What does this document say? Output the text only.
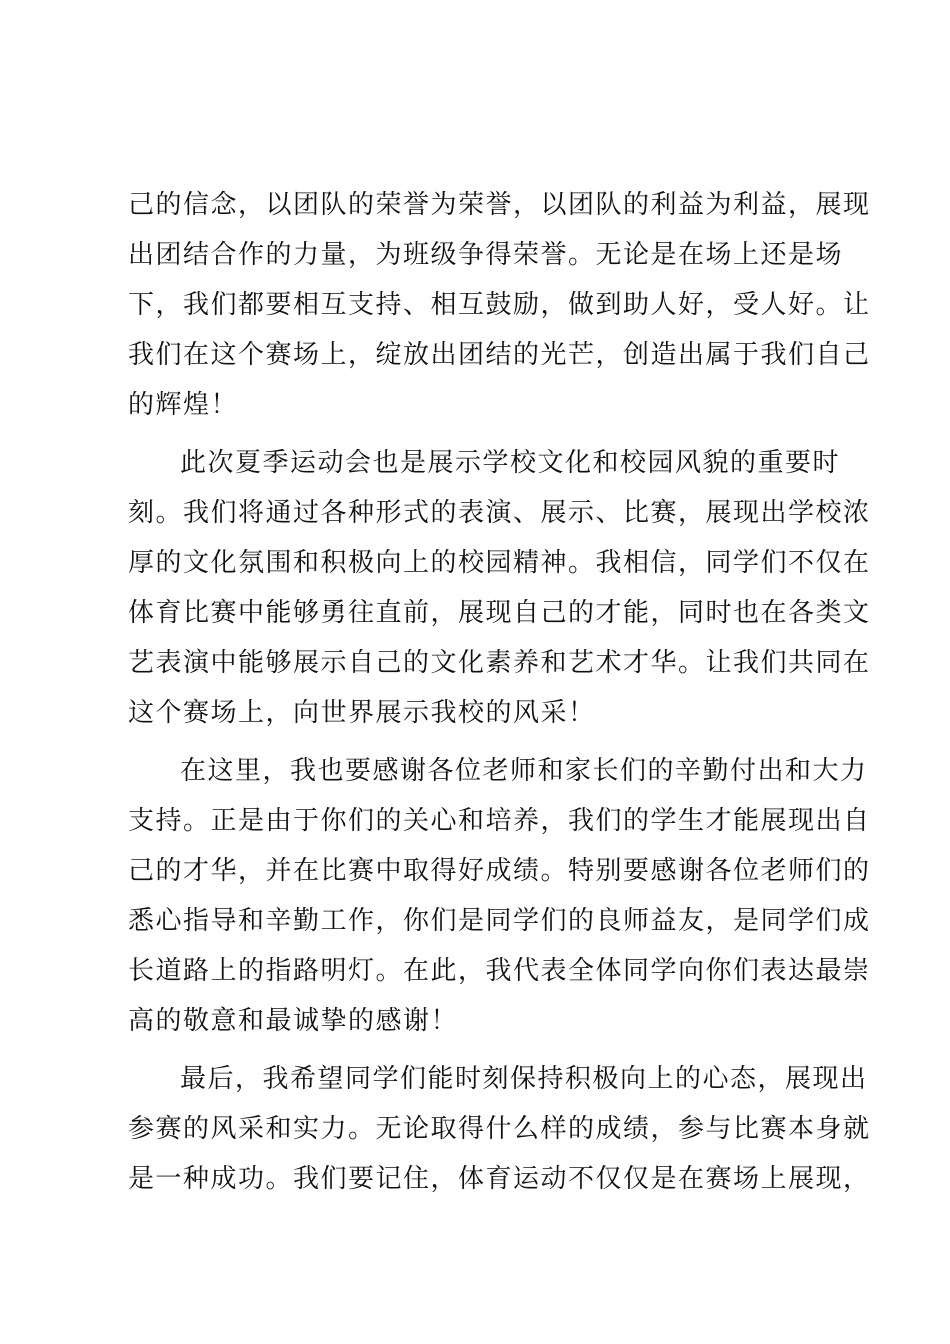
己的信念，以团队的荣誉为荣誉，以团队的利益为利益，展现
出团结合作的力量，为班级争得荣誉。无论是在场上还是场
下，我们都要相互支持、相互鼓励，做到助人好，受人好。让
我们在这个赛场上，绽放出团结的光芒，创造出属于我们自己
的辉煌！
此次夏季运动会也是展示学校文化和校园风貌的重要时
刻。我们将通过各种形式的表演、展示、比赛，展现出学校浓
厚的文化氛围和积极向上的校园精神。我相信，同学们不仅在
体育比赛中能够勇往直前，展现自己的才能，同时也在各类文
艺表演中能够展示自己的文化素养和艺术才华。让我们共同在
这个赛场上，向世界展示我校的风采！
在这里，我也要感谢各位老师和家长们的辛勤付出和大力
支持。正是由于你们的关心和培养，我们的学生才能展现出自
己的才华，并在比赛中取得好成绩。特别要感谢各位老师们的
悉心指导和辛勤工作，你们是同学们的良师益友，是同学们成
长道路上的指路明灯。在此，我代表全体同学向你们表达最崇
高的敬意和最诚挚的感谢！
最后，我希望同学们能时刻保持积极向上的心态，展现出
参赛的风采和实力。无论取得什么样的成绩，参与比赛本身就
是一种成功。我们要记住，体育运动不仅仅是在赛场上展现，
